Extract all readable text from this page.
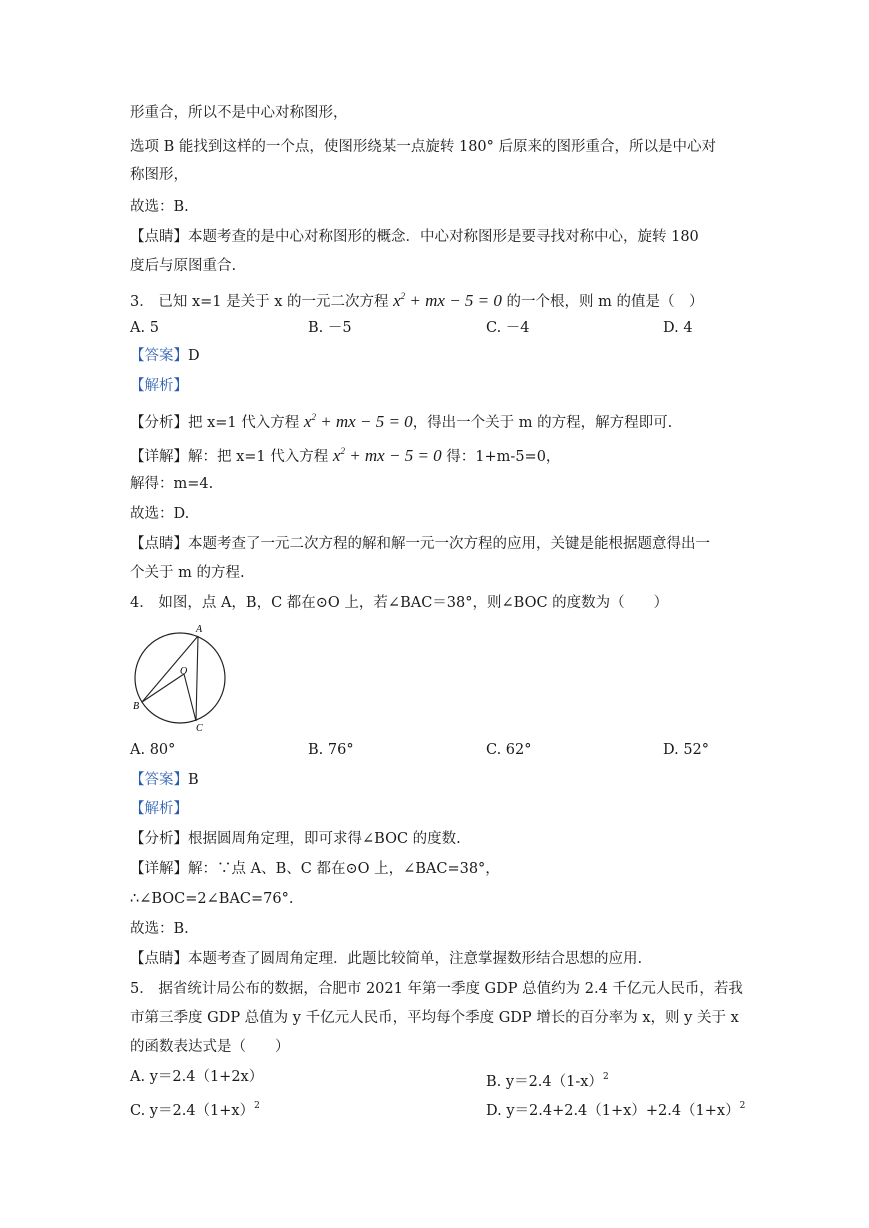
形重合，所以不是中心对称图形，
选项 B 能找到这样的一个点，使图形绕某一点旋转 180° 后原来的图形重合，所以是中心对
称图形，
故选：B.
【点睛】本题考查的是中心对称图形的概念．中心对称图形是要寻找对称中心，旋转 180
度后与原图重合.
3． 已知 x=1 是关于 x 的一元二次方程 $x^2$ + mx − 5 = 0 的一个根，则 m 的值是（　）
A. 5	B. －5	C. －4	D. 4
【答案】D
【解析】
【分析】把 x=1 代入方程 $x^2$ + mx − 5 = 0，得出一个关于 m 的方程，解方程即可.
【详解】解：把 x=1 代入方程 $x^2$ + mx − 5 = 0 得：1+m-5=0，
解得：m=4.
故选：D.
【点睛】本题考查了一元二次方程的解和解一元一次方程的应用，关键是能根据题意得出一
个关于 m 的方程.
4． 如图，点 A，B，C 都在⊙O 上，若∠BAC＝38°，则∠BOC 的度数为（　　）
A
B
C
O
A. 80°	B. 76°	C. 62°	D. 52°
【答案】B
【解析】
【分析】根据圆周角定理，即可求得∠BOC 的度数.
【详解】解：∵点 A、B、C 都在⊙O 上，∠BAC=38°，
∴∠BOC=2∠BAC=76°.
故选：B.
【点睛】本题考查了圆周角定理．此题比较简单，注意掌握数形结合思想的应用.
5． 据省统计局公布的数据，合肥市 2021 年第一季度 GDP 总值约为 2.4 千亿元人民币，若我
市第三季度 GDP 总值为 y 千亿元人民币，平均每个季度 GDP 增长的百分率为 x，则 y 关于 x
的函数表达式是（　　）
A. y＝2.4（1+2x）	B. $y=2.4(1-x)^2$
C. $y=2.4(1+x)^2$	D. $y=2.4+2.4(1+x)+2.4(1+x)^2$
